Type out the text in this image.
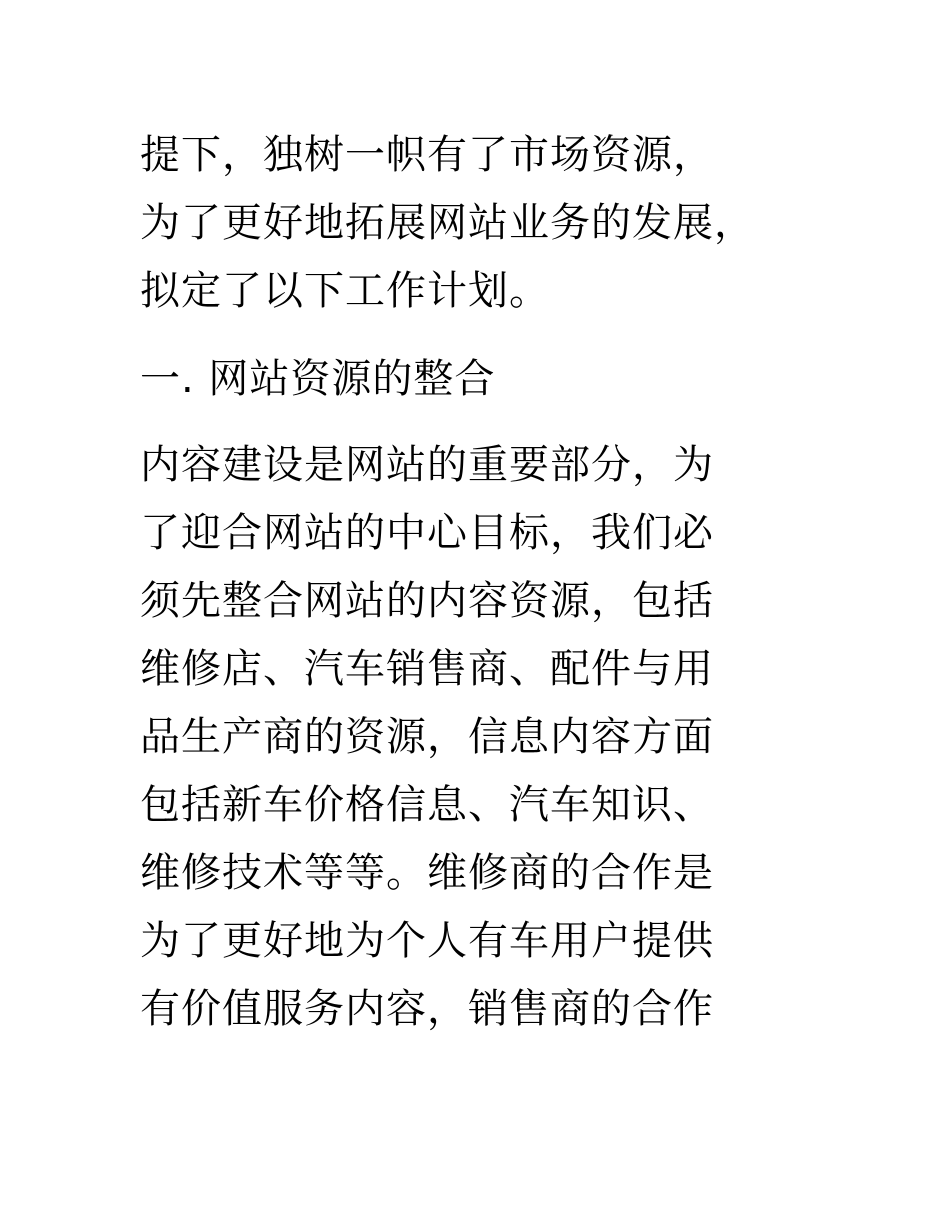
提下，独树一帜有了市场资源，
为了更好地拓展网站业务的发展，
拟定了以下工作计划。

一. 网站资源的整合

内容建设是网站的重要部分，为
了迎合网站的中心目标，我们必
须先整合网站的内容资源，包括
维修店、汽车销售商、配件与用
品生产商的资源，信息内容方面
包括新车价格信息、汽车知识、
维修技术等等。维修商的合作是
为了更好地为个人有车用户提供
有价值服务内容，销售商的合作
